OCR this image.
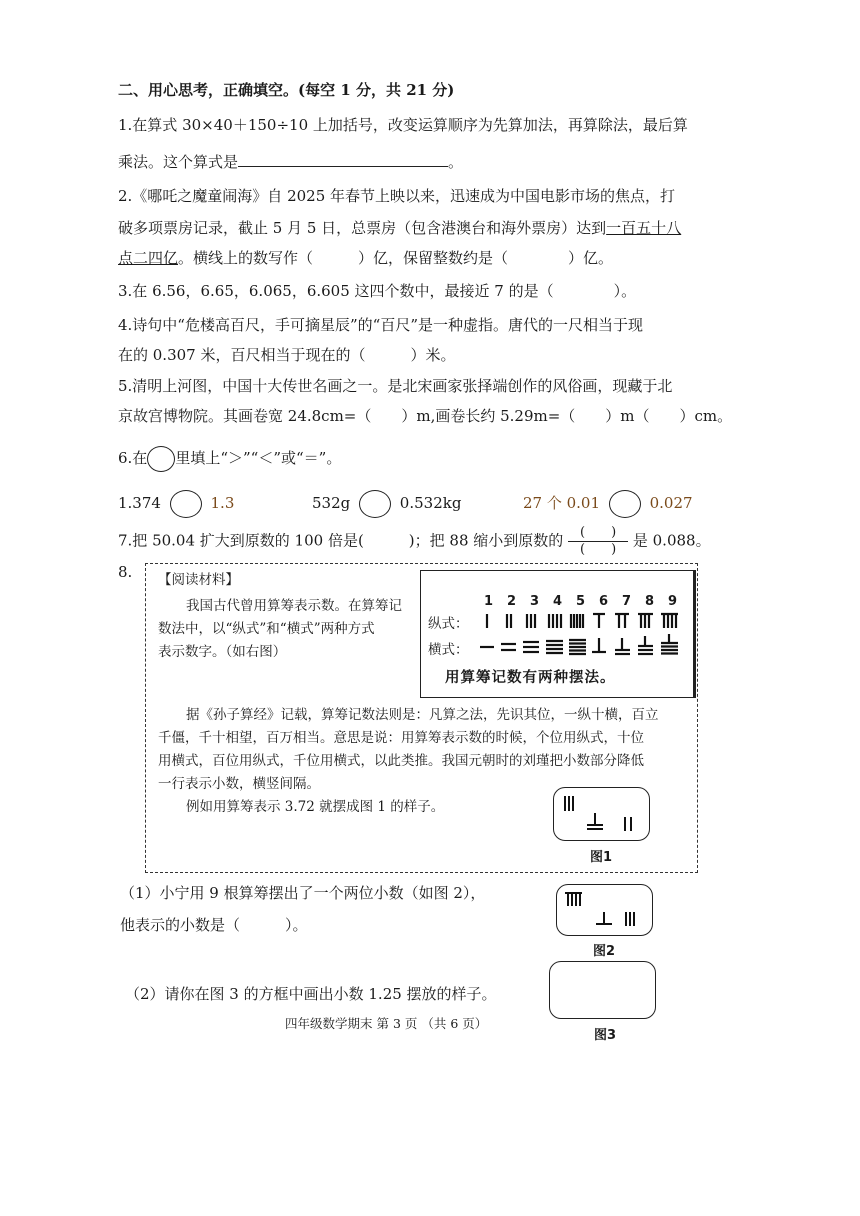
二、用心思考，正确填空。(每空 1 分，共 21 分)
1.在算式 30×40＋150÷10 上加括号，改变运算顺序为先算加法，再算除法，最后算
乘法。这个算式是	。
2.《哪吒之魔童闹海》自 2025 年春节上映以来，迅速成为中国电影市场的焦点，打
破多项票房记录，截止 5 月 5 日，总票房（包含港澳台和海外票房）达到一百五十八
点二四亿。横线上的数写作（　　　）亿，保留整数约是（　　　　）亿。
3.在 6.56，6.65，6.065，6.605 这四个数中，最接近 7 的是（　　　　）。
4.诗句中“危楼高百尺，手可摘星辰”的“百尺”是一种虚指。唐代的一尺相当于现
在的 0.307 米，百尺相当于现在的（　　　）米。
5.清明上河图，中国十大传世名画之一。是北宋画家张择端创作的风俗画，现藏于北
京故宫博物院。其画卷宽 24.8cm=（　　）m,画卷长约 5.29m=（　　）m（　　）cm。
6.在 里填上“＞”“＜”或“＝”。
1.374	1.3	532g	0.532kg	27 个 0.01	0.027
7.把 50.04 扩大到原数的 100 倍是(　　　)；把 88 缩小到原数的 $\frac{( )}{( )}$ 是 0.088。
8. 【阅读材料】
我国古代曾用算筹表示数。在算筹记
数法中，以“纵式”和“横式”两种方式
表示数字。（如右图）
1 2 3 4 5 6 7 8 9
纵式：
横式：
用算筹记数有两种摆法。
据《孙子算经》记载，算筹记数法则是：凡算之法，先识其位，一纵十横，百立
千僵，千十相望，百万相当。意思是说：用算筹表示数的时候，个位用纵式，十位
用横式，百位用纵式，千位用横式，以此类推。我国元朝时的刘瑾把小数部分降低
一行表示小数，横竖间隔。
例如用算筹表示 3.72 就摆成图 1 的样子。
图1
（1）小宁用 9 根算筹摆出了一个两位小数（如图 2），
他表示的小数是（　　　）。
图2
（2）请你在图 3 的方框中画出小数 1.25 摆放的样子。
图3
四年级数学期末 第 3 页 （共 6 页）
